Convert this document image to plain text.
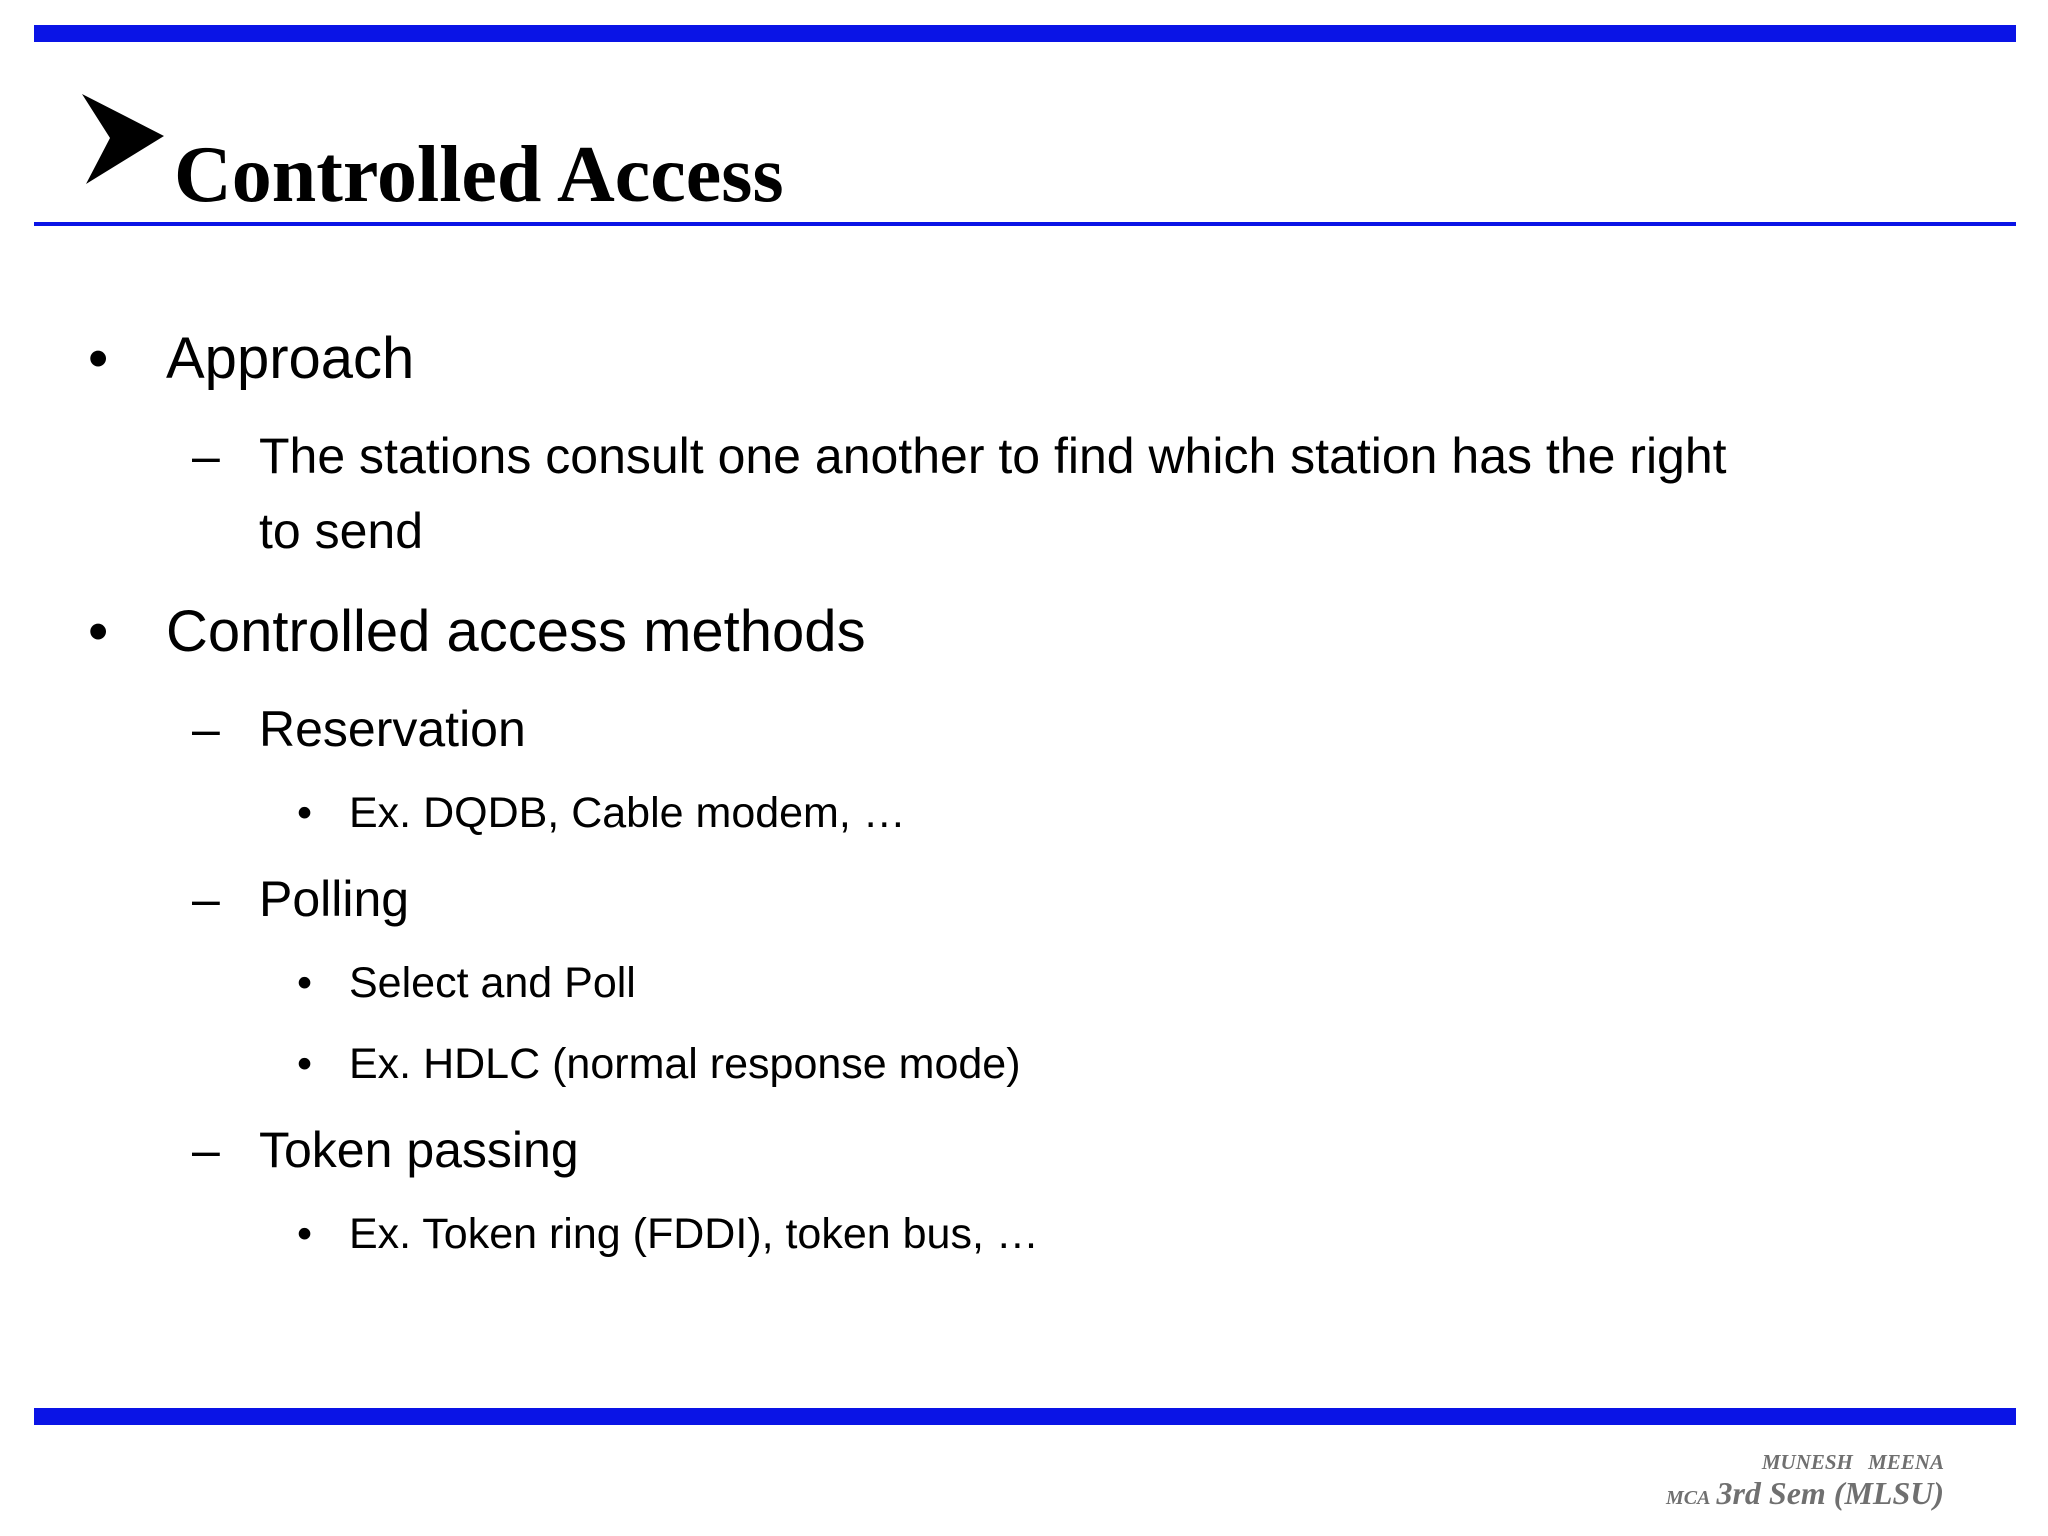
Controlled Access
• Approach
– The stations consult one another to find which station has the right
to send
• Controlled access methods
– Reservation
• Ex. DQDB, Cable modem, …
– Polling
• Select and Poll
• Ex. HDLC (normal response mode)
– Token passing
• Ex. Token ring (FDDI), token bus, …
MUNESH MEENA
MCA 3rd Sem (MLSU)
